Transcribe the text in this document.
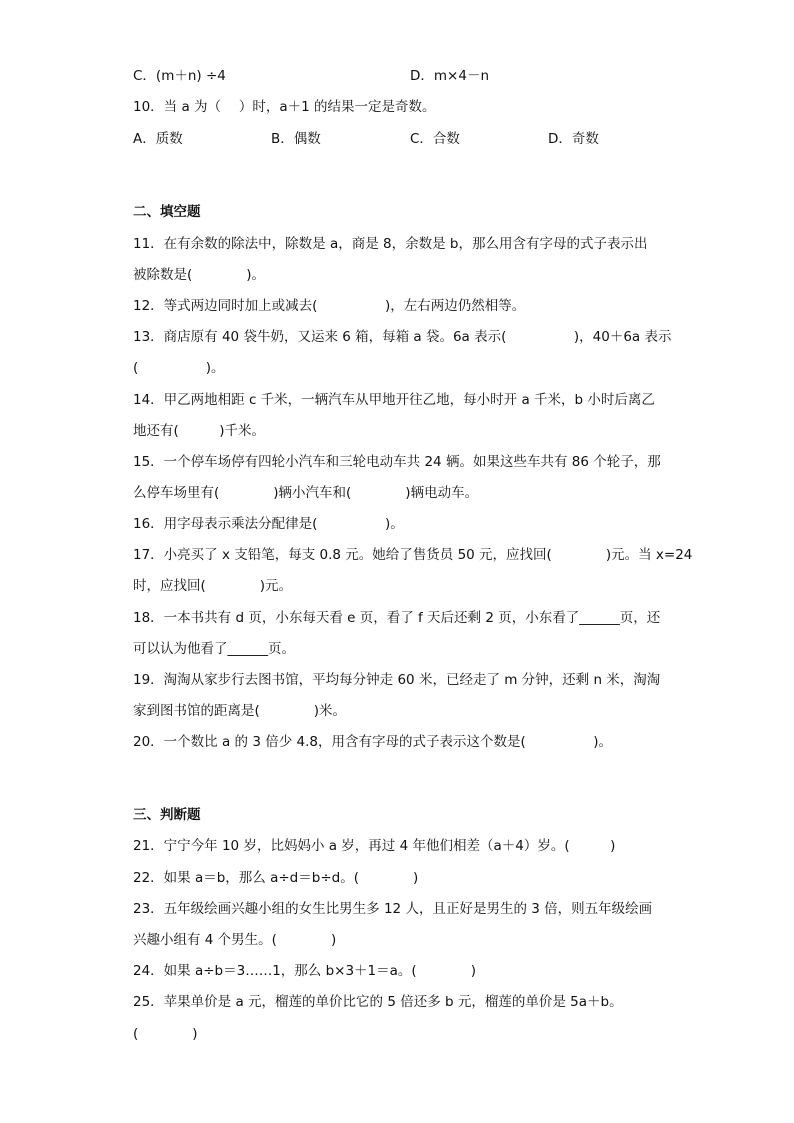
C．(m＋n) ÷4	D．m×4－n
10．当 a 为（　 ）时，a＋1 的结果一定是奇数。
A．质数	B．偶数	C．合数	D．奇数
二、填空题
11．在有余数的除法中，除数是 a，商是 8，余数是 b，那么用含有字母的式子表示出
被除数是(　　　　)。
12．等式两边同时加上或减去(　　　　　)，左右两边仍然相等。
13．商店原有 40 袋牛奶，又运来 6 箱，每箱 a 袋。6a 表示(　　　　　)，40＋6a 表示
(　　　　　)。
14．甲乙两地相距 c 千米，一辆汽车从甲地开往乙地，每小时开 a 千米，b 小时后离乙
地还有(　　　)千米。
15．一个停车场停有四轮小汽车和三轮电动车共 24 辆。如果这些车共有 86 个轮子，那
么停车场里有(　　　　)辆小汽车和(　　　　)辆电动车。
16．用字母表示乘法分配律是(　　　　　)。
17．小亮买了 x 支铅笔，每支 0.8 元。她给了售货员 50 元，应找回(　　　　)元。当 x=24
时，应找回(　　　　)元。
18．一本书共有 d 页，小东每天看 e 页，看了 f 天后还剩 2 页，小东看了______页，还
可以认为他看了______页。
19．淘淘从家步行去图书馆，平均每分钟走 60 米，已经走了 m 分钟，还剩 n 米，淘淘
家到图书馆的距离是(　　　　)米。
20．一个数比 a 的 3 倍少 4.8，用含有字母的式子表示这个数是(　　　　　)。
三、判断题
21．宁宁今年 10 岁，比妈妈小 a 岁，再过 4 年他们相差（a＋4）岁。(　　　)
22．如果 a＝b，那么 a÷d＝b÷d。(　　　　)
23．五年级绘画兴趣小组的女生比男生多 12 人，且正好是男生的 3 倍，则五年级绘画
兴趣小组有 4 个男生。(　　　　)
24．如果 a÷b＝3……1，那么 b×3＋1＝a。(　　　　)
25．苹果单价是 a 元，榴莲的单价比它的 5 倍还多 b 元，榴莲的单价是 5a＋b。
(　　　　)
